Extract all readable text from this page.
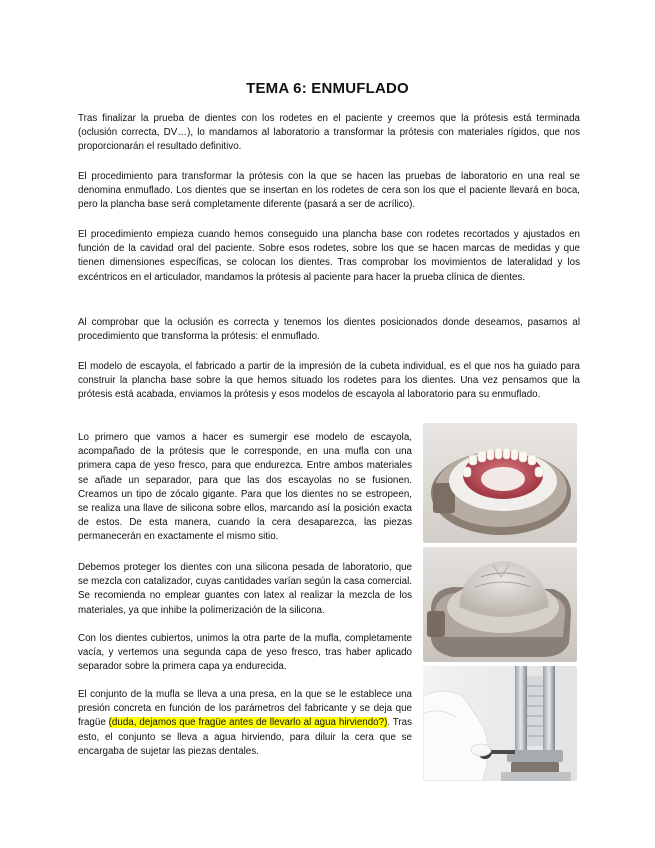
TEMA 6: ENMUFLADO

Tras finalizar la prueba de dientes con los rodetes en el paciente y creemos que la prótesis está terminada (oclusión correcta, DV…), lo mandamos al laboratorio a transformar la prótesis con materiales rígidos, que nos proporcionarán el resultado definitivo.

El procedimiento para transformar la prótesis con la que se hacen las pruebas de laboratorio en una real se denomina enmuflado. Los dientes que se insertan en los rodetes de cera son los que el paciente llevará en boca, pero la plancha base será completamente diferente (pasará a ser de acrílico).

El procedimiento empieza cuando hemos conseguido una plancha base con rodetes recortados y ajustados en función de la cavidad oral del paciente. Sobre esos rodetes, sobre los que se hacen marcas de medidas y que tienen dimensiones específicas, se colocan los dientes. Tras comprobar los movimientos de lateralidad y los excéntricos en el articulador, mandamos la prótesis al paciente para hacer la prueba clínica de dientes.

Al comprobar que la oclusión es correcta y tenemos los dientes posicionados donde deseamos, pasamos al procedimiento que transforma la prótesis: el enmuflado.

El modelo de escayola, el fabricado a partir de la impresión de la cubeta individual, es el que nos ha guiado para construir la plancha base sobre la que hemos situado los rodetes para los dientes. Una vez pensamos que la prótesis está acabada, enviamos la prótesis y esos modelos de escayola al laboratorio para su enmuflado.

Lo primero que vamos a hacer es sumergir ese modelo de escayola, acompañado de la prótesis que le corresponde, en una mufla con una primera capa de yeso fresco, para que endurezca. Entre ambos materiales se añade un separador, para que las dos escayolas no se fusionen. Creamos un tipo de zócalo gigante. Para que los dientes no se estropeen, se realiza una llave de silicona sobre ellos, marcando así la posición exacta de estos. De esta manera, cuando la cera desaparezca, las piezas permanecerán en exactamente el mismo sitio.

Debemos proteger los dientes con una silicona pesada de laboratorio, que se mezcla con catalizador, cuyas cantidades varían según la casa comercial. Se recomienda no emplear guantes con latex al realizar la mezcla de los materiales, ya que inhibe la polimerización de la silicona.

Con los dientes cubiertos, unimos la otra parte de la mufla, completamente vacía, y vertemos una segunda capa de yeso fresco, tras haber aplicado separador sobre la primera capa ya endurecida.

El conjunto de la mufla se lleva a una presa, en la que se le establece una presión concreta en función de los parámetros del fabricante y se deja que fragüe (duda, dejamos que fragüe antes de llevarlo al agua hirviendo?). Tras esto, el conjunto se lleva a agua hirviendo, para diluir la cera que se encargaba de sujetar las piezas dentales.
